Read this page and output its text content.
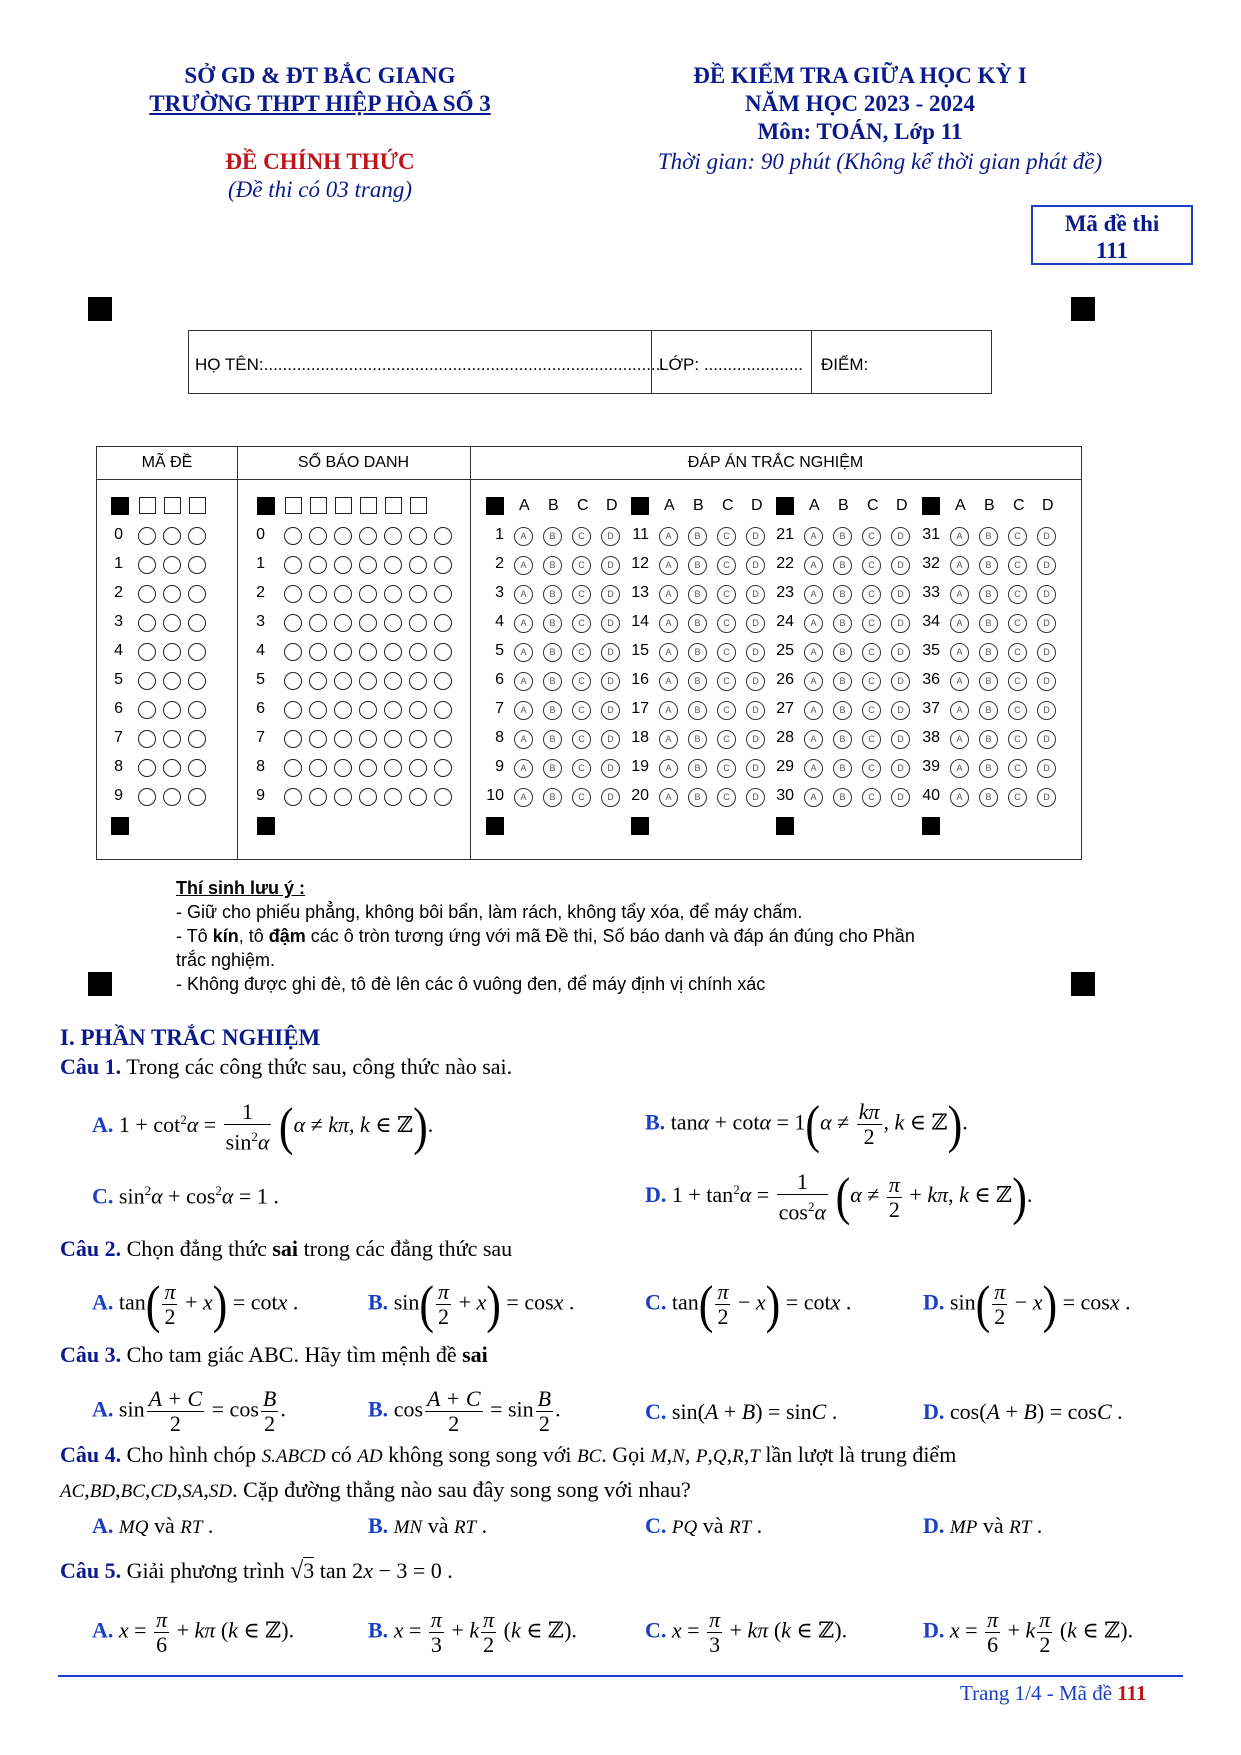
SỞ GD & ĐT BẮC GIANG
TRƯỜNG THPT HIỆP HÒA SỐ 3
ĐỀ CHÍNH THỨC
(Đề thi có 03 trang)
ĐỀ KIỂM TRA GIỮA HỌC KỲ I
NĂM HỌC 2023 - 2024
Môn: TOÁN, Lớp 11
Thời gian: 90 phút (Không kể thời gian phát đề)
Mã đề thi
111
HỌ TÊN:.....................................................................................
LỚP: ..................... ĐIỂM:
MÃ ĐỀ	SỐ BÁO DANH	ĐÁP ÁN TRẮC NGHIỆM
0	0
1	1
2	2
3	3
4	4
5	5
6	6
7	7
8	8
9	9
A B C D
1	A	B	C	D
2	A	B	C	D
3	A	B	C	D
4	A	B	C	D
5	A	B	C	D
6	A	B	C	D
7	A	B	C	D
8	A	B	C	D
9	A	B	C	D
10	A	B	C	D
A B C D
11	A	B	C	D
12	A	B	C	D
13	A	B	C	D
14	A	B	C	D
15	A	B	C	D
16	A	B	C	D
17	A	B	C	D
18	A	B	C	D
19	A	B	C	D
20	A	B	C	D
A B C D
21	A	B	C	D
22	A	B	C	D
23	A	B	C	D
24	A	B	C	D
25	A	B	C	D
26	A	B	C	D
27	A	B	C	D
28	A	B	C	D
29	A	B	C	D
30	A	B	C	D
A B C D
31	A	B	C	D
32	A	B	C	D
33	A	B	C	D
34	A	B	C	D
35	A	B	C	D
36	A	B	C	D
37	A	B	C	D
38	A	B	C	D
39	A	B	C	D
40	A	B	C	D
Thí sinh lưu ý :
- Giữ cho phiếu phẳng, không bôi bẩn, làm rách, không tẩy xóa, để máy chấm.
- Tô kín, tô đậm các ô tròn tương ứng với mã Đề thi, Số báo danh và đáp án đúng cho Phần
trắc nghiệm.
- Không được ghi đè, tô đè lên các ô vuông đen, để máy định vị chính xác
I. PHẦN TRẮC NGHIỆM
Câu 1. Trong các công thức sau, công thức nào sai.
A. $1 + \cot^2\alpha = \frac{1}{\sin^2\alpha} (\alpha \ne k\pi$, k ∈ ℤ).	B. $\tan\alpha + \cot\alpha = 1(\alpha \ne \frac{k\pi}{2}$ , k ∈ ℤ).
C. $\sin^2\alpha + \cos^2\alpha = 1$ .	D. $1 + \tan^2\alpha = \frac{1}{\cos^2\alpha} (\alpha \ne \frac{\pi}{2} + k\pi$, k ∈ ℤ).
Câu 2. Chọn đẳng thức sai trong các đẳng thức sau
A. $\tan( \frac{\pi}{2} + x) = \cot x$ .	B. $\sin( \frac{\pi}{2} + x) = \cos x$ .	C. $\tan( \frac{\pi}{2} - x) = \cot x$ .	D. $\sin( \frac{\pi}{2} - x) = \cos x$ .
Câu 3. Cho tam giác ABC. Hãy tìm mệnh đề sai
A. $\sin \frac{A + C}{2} = \cos \frac{B}{2}$ .	B. $\cos \frac{A + C}{2} = \sin \frac{B}{2}$ .	C. sin(A + B) = sinC .	D. cos(A + B) = cosC .
Câu 4. Cho hình chóp S.ABCD có AD không song song với BC. Gọi M,N, P,Q,R,T lần lượt là trung điểm
AC,BD,BC,CD,SA,SD. Cặp đường thẳng nào sau đây song song với nhau?
A. MQ và RT .	B. MN và RT .	C. PQ và RT .	D. MP và RT .
Câu 5. Giải phương trình √3 tan 2x − 3 = 0 .
A. $x = \frac{\pi}{6} + k\pi$ (k ∈ ℤ).	B. $x = \frac{\pi}{3} + k \frac{\pi}{2} (k$ ∈ ℤ).	C. $x = \frac{\pi}{3} + k\pi$ (k ∈ ℤ).	D. $x = \frac{\pi}{6} + k \frac{\pi}{2} (k$ ∈ ℤ).
Trang 1/4 - Mã đề 111
